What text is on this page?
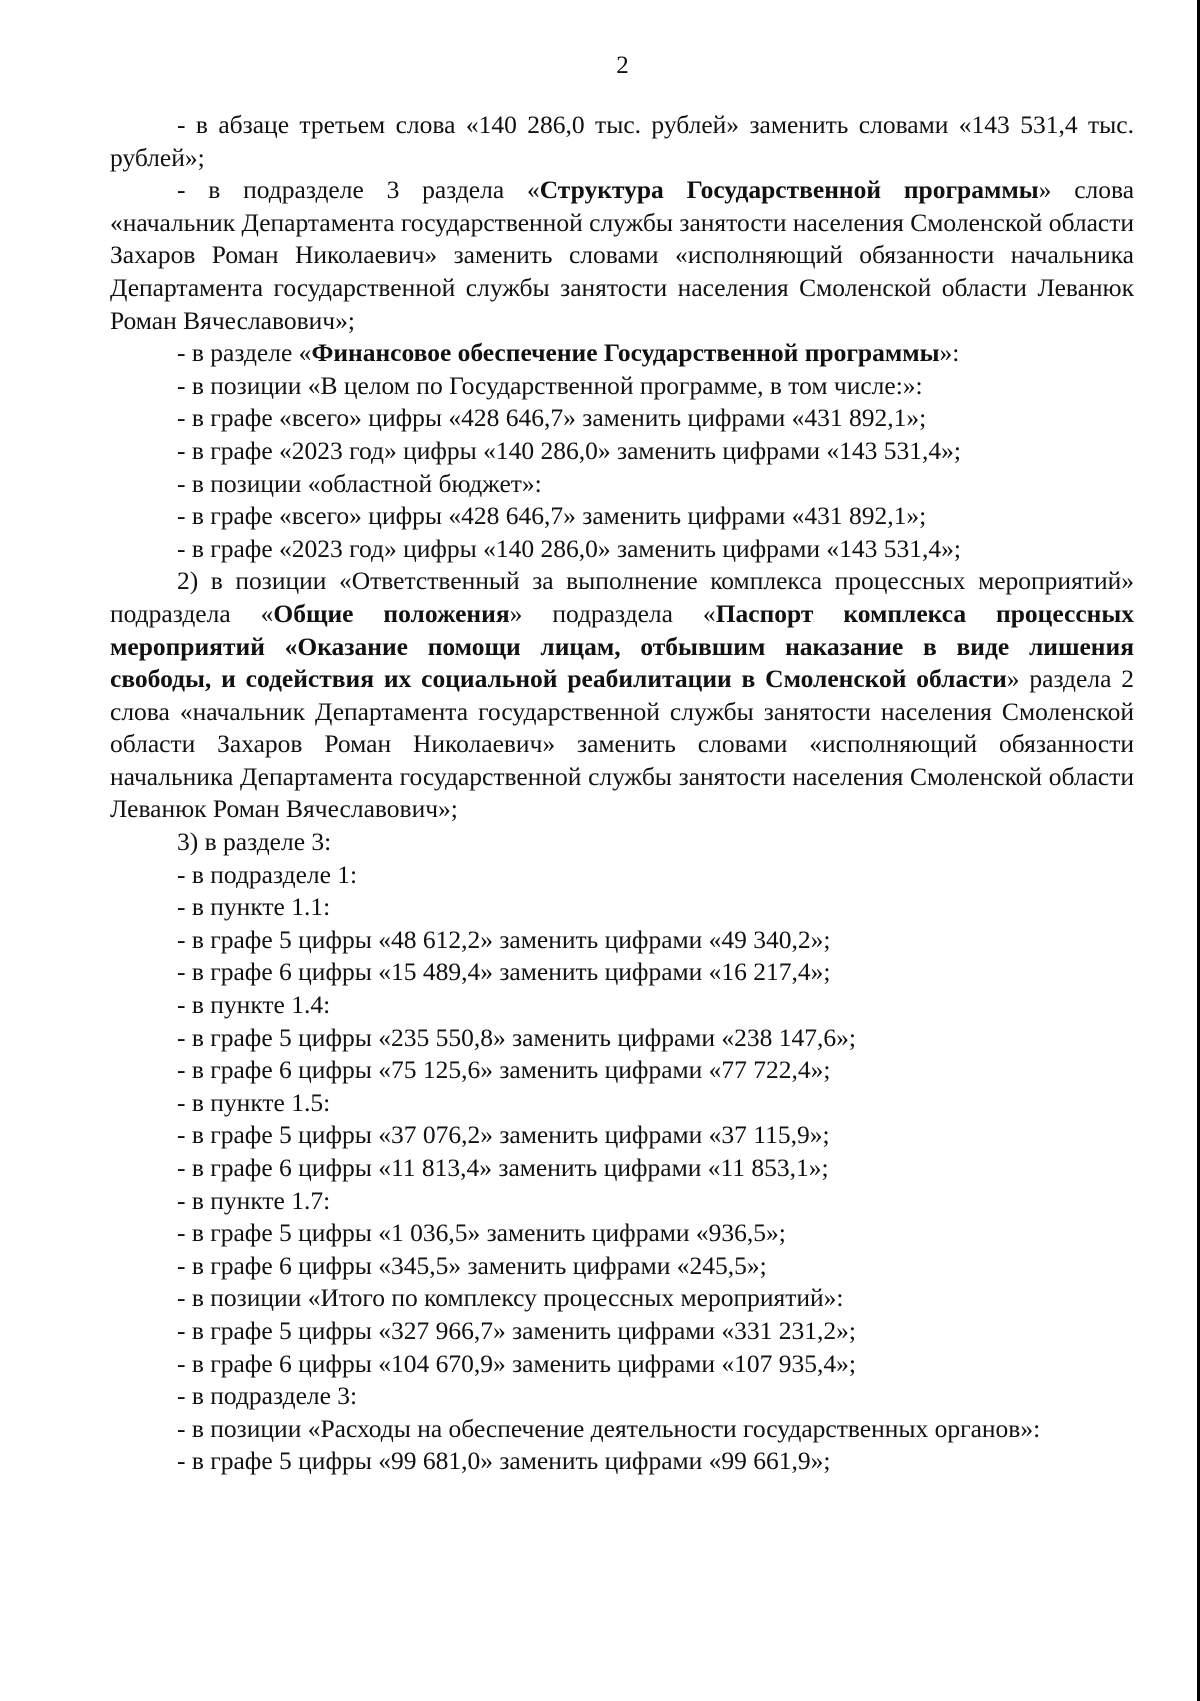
2

- в абзаце третьем слова «140 286,0 тыс. рублей» заменить словами «143 531,4 тыс. рублей»;

- в подразделе 3 раздела «Структура Государственной программы» слова «начальник Департамента государственной службы занятости населения Смоленской области Захаров Роман Николаевич» заменить словами «исполняющий обязанности начальника Департамента государственной службы занятости населения Смоленской области Леванюк Роман Вячеславович»;

- в разделе «Финансовое обеспечение Государственной программы»:

- в позиции «В целом по Государственной программе, в том числе:»:

- в графе «всего» цифры «428 646,7» заменить цифрами «431 892,1»;

- в графе «2023 год» цифры «140 286,0» заменить цифрами «143 531,4»;

- в позиции «областной бюджет»:

- в графе «всего» цифры «428 646,7» заменить цифрами «431 892,1»;

- в графе «2023 год» цифры «140 286,0» заменить цифрами «143 531,4»;

2) в позиции «Ответственный за выполнение комплекса процессных мероприятий» подраздела «Общие положения» подраздела «Паспорт комплекса процессных мероприятий «Оказание помощи лицам, отбывшим наказание в виде лишения свободы, и содействия их социальной реабилитации в Смоленской области» раздела 2 слова «начальник Департамента государственной службы занятости населения Смоленской области Захаров Роман Николаевич» заменить словами «исполняющий обязанности начальника Департамента государственной службы занятости населения Смоленской области Леванюк Роман Вячеславович»;

3) в разделе 3:

- в подразделе 1:

- в пункте 1.1:

- в графе 5 цифры «48 612,2» заменить цифрами «49 340,2»;

- в графе 6 цифры «15 489,4» заменить цифрами «16 217,4»;

- в пункте 1.4:

- в графе 5 цифры «235 550,8» заменить цифрами «238 147,6»;

- в графе 6 цифры «75 125,6» заменить цифрами «77 722,4»;

- в пункте 1.5:

- в графе 5 цифры «37 076,2» заменить цифрами «37 115,9»;

- в графе 6 цифры «11 813,4» заменить цифрами «11 853,1»;

- в пункте 1.7:

- в графе 5 цифры «1 036,5» заменить цифрами «936,5»;

- в графе 6 цифры «345,5» заменить цифрами «245,5»;

- в позиции «Итого по комплексу процессных мероприятий»:

- в графе 5 цифры «327 966,7» заменить цифрами «331 231,2»;

- в графе 6 цифры «104 670,9» заменить цифрами «107 935,4»;

- в подразделе 3:

- в позиции «Расходы на обеспечение деятельности государственных органов»:

- в графе 5 цифры «99 681,0» заменить цифрами «99 661,9»;
